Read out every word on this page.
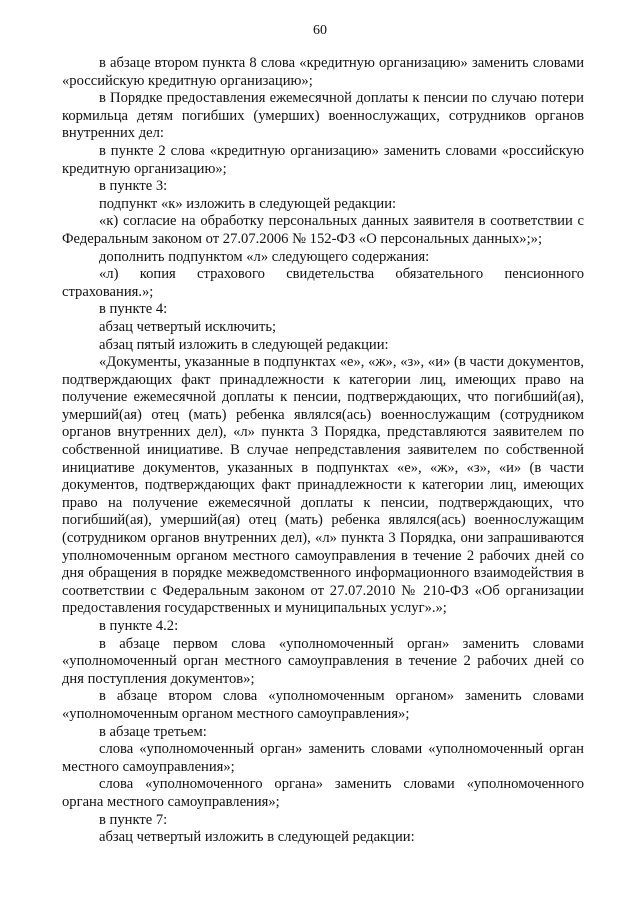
60

в абзаце втором пункта 8 слова «кредитную организацию» заменить словами «российскую кредитную организацию»;

в Порядке предоставления ежемесячной доплаты к пенсии по случаю потери кормильца детям погибших (умерших) военнослужащих, сотрудников органов внутренних дел:

в пункте 2 слова «кредитную организацию» заменить словами «российскую кредитную организацию»;

в пункте 3:

подпункт «к» изложить в следующей редакции:

«к) согласие на обработку персональных данных заявителя в соответствии с Федеральным законом от 27.07.2006 № 152-ФЗ «О персональных данных»;»;

дополнить подпунктом «л» следующего содержания:

«л) копия страхового свидетельства обязательного пенсионного страхования.»;

в пункте 4:

абзац четвертый исключить;

абзац пятый изложить в следующей редакции:

«Документы, указанные в подпунктах «е», «ж», «з», «и» (в части документов, подтверждающих факт принадлежности к категории лиц, имеющих право на получение ежемесячной доплаты к пенсии, подтверждающих, что погибший(ая), умерший(ая) отец (мать) ребенка являлся(ась) военнослужащим (сотрудником органов внутренних дел), «л» пункта 3 Порядка, представляются заявителем по собственной инициативе. В случае непредставления заявителем по собственной инициативе документов, указанных в подпунктах «е», «ж», «з», «и» (в части документов, подтверждающих факт принадлежности к категории лиц, имеющих право на получение ежемесячной доплаты к пенсии, подтверждающих, что погибший(ая), умерший(ая) отец (мать) ребенка являлся(ась) военнослужащим (сотрудником органов внутренних дел), «л» пункта 3 Порядка, они запрашиваются уполномоченным органом местного самоуправления в течение 2 рабочих дней со дня обращения в порядке межведомственного информационного взаимодействия в соответствии с Федеральным законом от 27.07.2010 № 210-ФЗ «Об организации предоставления государственных и муниципальных услуг».»;

в пункте 4.2:

в абзаце первом слова «уполномоченный орган» заменить словами «уполномоченный орган местного самоуправления в течение 2 рабочих дней со дня поступления документов»;

в абзаце втором слова «уполномоченным органом» заменить словами «уполномоченным органом местного самоуправления»;

в абзаце третьем:

слова «уполномоченный орган» заменить словами «уполномоченный орган местного самоуправления»;

слова «уполномоченного органа» заменить словами «уполномоченного органа местного самоуправления»;

в пункте 7:

абзац четвертый изложить в следующей редакции:
